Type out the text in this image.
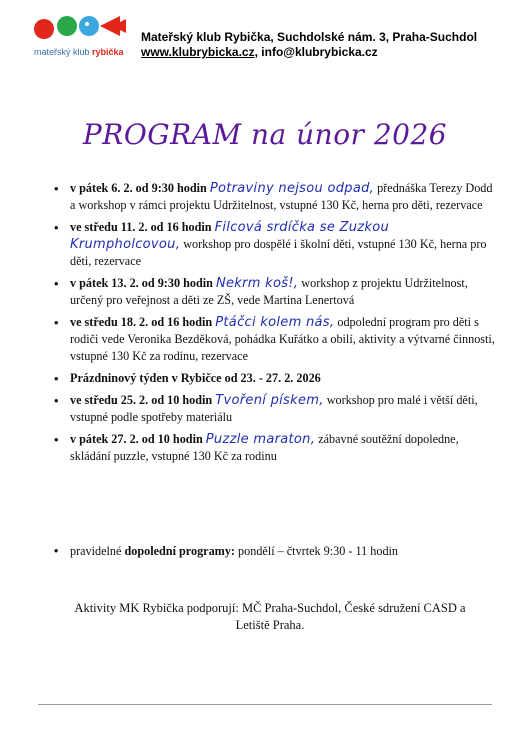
mateřský klub rybička
Mateřský klub Rybička, Suchdolské nám. 3, Praha-Suchdol
www.klubrybicka.cz, info@klubrybicka.cz
PROGRAM na únor 2026
• v pátek 6. 2. od 9:30 hodin Potraviny nejsou odpad, přednáška Terezy Dodd a workshop v rámci projektu Udržitelnost, vstupné 130 Kč, herna pro děti, rezervace
• ve středu 11. 2. od 16 hodin Filcová srdíčka se Zuzkou Krumpholcovou, workshop pro dospělé i školní děti, vstupné 130 Kč, herna pro děti, rezervace
• v pátek 13. 2. od 9:30 hodin Nekrm koš!, workshop z projektu Udržitelnost, určený pro veřejnost a děti ze ZŠ, vede Martina Lenertová
• ve středu 18. 2. od 16 hodin Ptáčci kolem nás, odpolední program pro děti s rodiči vede Veronika Bezděková, pohádka Kuřátko a obilí, aktivity a výtvarné činnosti, vstupné 130 Kč za rodinu, rezervace
• Prázdninový týden v Rybičce od 23. - 27. 2. 2026
• ve středu 25. 2. od 10 hodin Tvoření pískem, workshop pro malé i větší děti, vstupné podle spotřeby materiálu
• v pátek 27. 2. od 10 hodin Puzzle maraton, zábavné soutěžní dopoledne, skládání puzzle, vstupné 130 Kč za rodinu
• pravidelné dopolední programy: pondělí – čtvrtek 9:30 - 11 hodin
Aktivity MK Rybička podporují: MČ Praha-Suchdol, České sdružení CASD a Letiště Praha.
